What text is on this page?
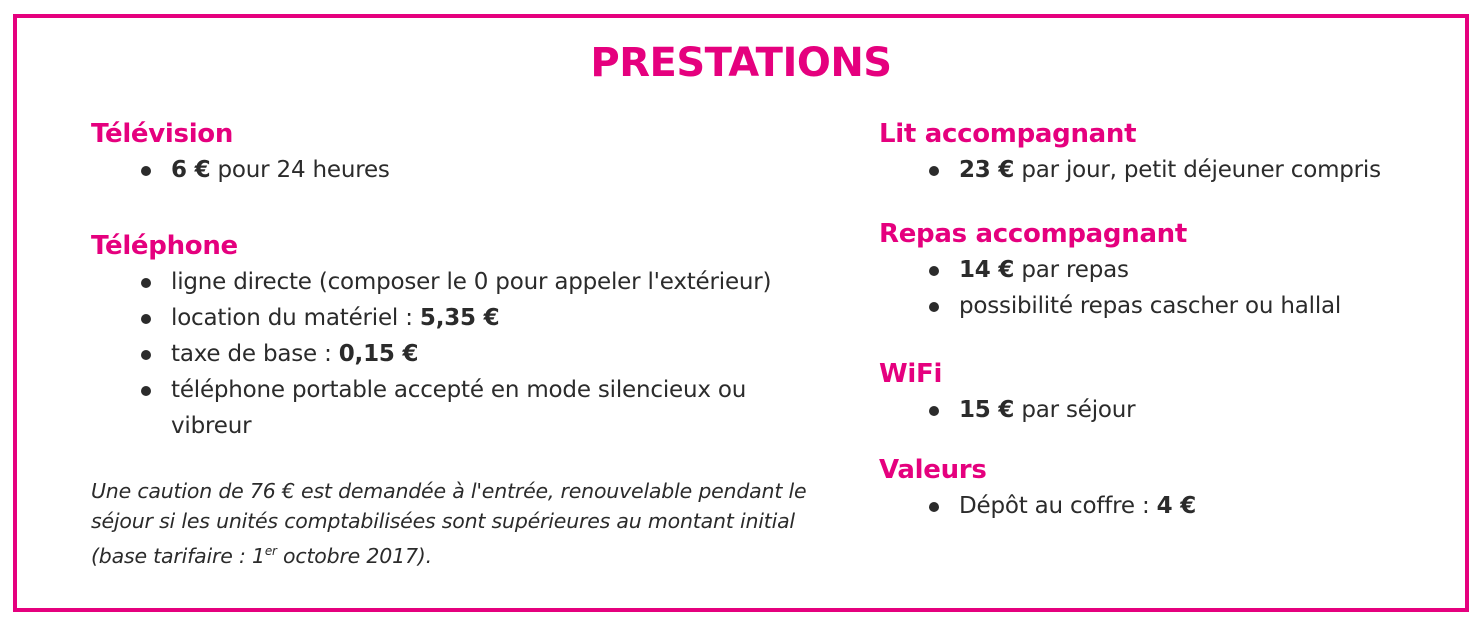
PRESTATIONS
Télévision
6 € pour 24 heures
Téléphone
ligne directe (composer le 0 pour appeler l'extérieur)
location du matériel : 5,35 €
taxe de base : 0,15 €
téléphone portable accepté en mode silencieux ou vibreur

Une caution de 76 € est demandée à l'entrée, renouvelable pendant le séjour si les unités comptabilisées sont supérieures au montant initial (base tarifaire : 1er octobre 2017).

Lit accompagnant
23 € par jour, petit déjeuner compris
Repas accompagnant
14 € par repas
possibilité repas cascher ou hallal
WiFi
15 € par séjour
Valeurs
Dépôt au coffre : 4 €
